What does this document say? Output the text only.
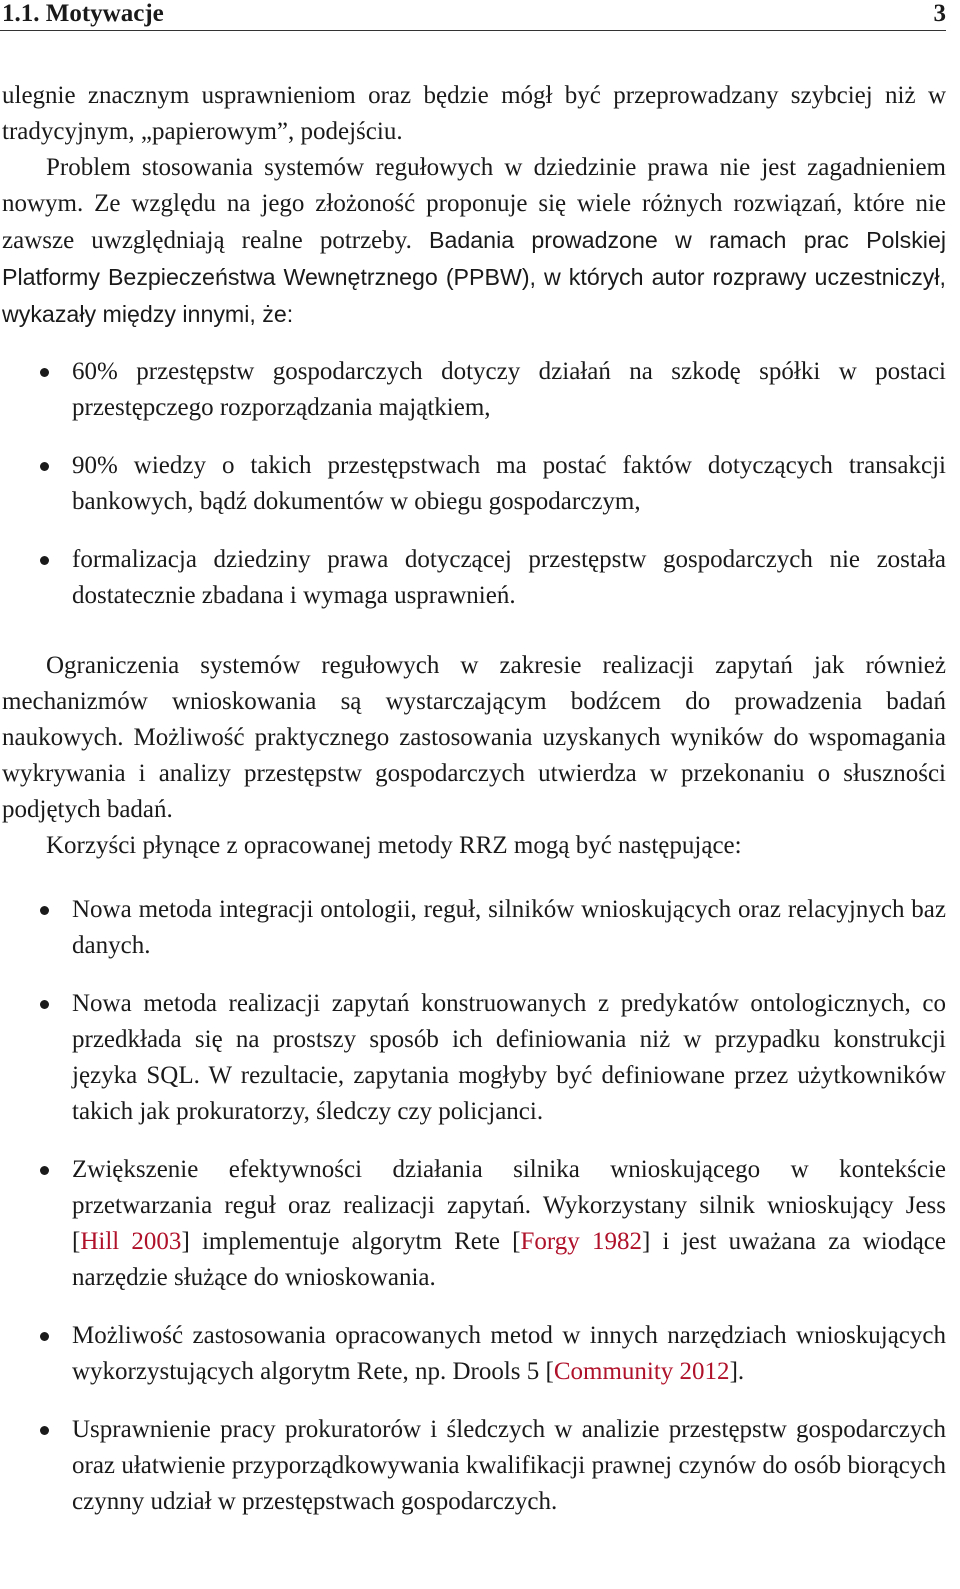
1.1. Motywacje	3

ulegnie znacznym usprawnieniom oraz będzie mógł być przeprowadzany szybciej niż w tradycyjnym, „papierowym”, podejściu.

Problem stosowania systemów regułowych w dziedzinie prawa nie jest zagadnieniem nowym. Ze względu na jego złożoność proponuje się wiele różnych rozwiązań, które nie zawsze uwzględniają realne potrzeby. Badania prowadzone w ramach prac Polskiej Platformy Bezpieczeństwa Wewnętrznego (PPBW), w których autor rozprawy uczestniczył, wykazały między innymi, że:

60% przestępstw gospodarczych dotyczy działań na szkodę spółki w postaci przestępczego rozporządzania majątkiem,
90% wiedzy o takich przestępstwach ma postać faktów dotyczących transakcji bankowych, bądź dokumentów w obiegu gospodarczym,
formalizacja dziedziny prawa dotyczącej przestępstw gospodarczych nie została dostatecznie zbadana i wymaga usprawnień.

Ograniczenia systemów regułowych w zakresie realizacji zapytań jak również mechanizmów wnioskowania są wystarczającym bodźcem do prowadzenia badań naukowych. Możliwość praktycznego zastosowania uzyskanych wyników do wspomagania wykrywania i analizy przestępstw gospodarczych utwierdza w przekonaniu o słuszności podjętych badań.

Korzyści płynące z opracowanej metody RRZ mogą być następujące:

Nowa metoda integracji ontologii, reguł, silników wnioskujących oraz relacyjnych baz danych.
Nowa metoda realizacji zapytań konstruowanych z predykatów ontologicznych, co przedkłada się na prostszy sposób ich definiowania niż w przypadku konstrukcji języka SQL. W rezultacie, zapytania mogłyby być definiowane przez użytkowników takich jak prokuratorzy, śledczy czy policjanci.
Zwiększenie efektywności działania silnika wnioskującego w kontekście przetwarzania reguł oraz realizacji zapytań. Wykorzystany silnik wnioskujący Jess [Hill 2003] implementuje algorytm Rete [Forgy 1982] i jest uważana za wiodące narzędzie służące do wnioskowania.
Możliwość zastosowania opracowanych metod w innych narzędziach wnioskujących wykorzystujących algorytm Rete, np. Drools 5 [Community 2012].
Usprawnienie pracy prokuratorów i śledczych w analizie przestępstw gospodarczych oraz ułatwienie przyporządkowywania kwalifikacji prawnej czynów do osób biorących czynny udział w przestępstwach gospodarczych.
